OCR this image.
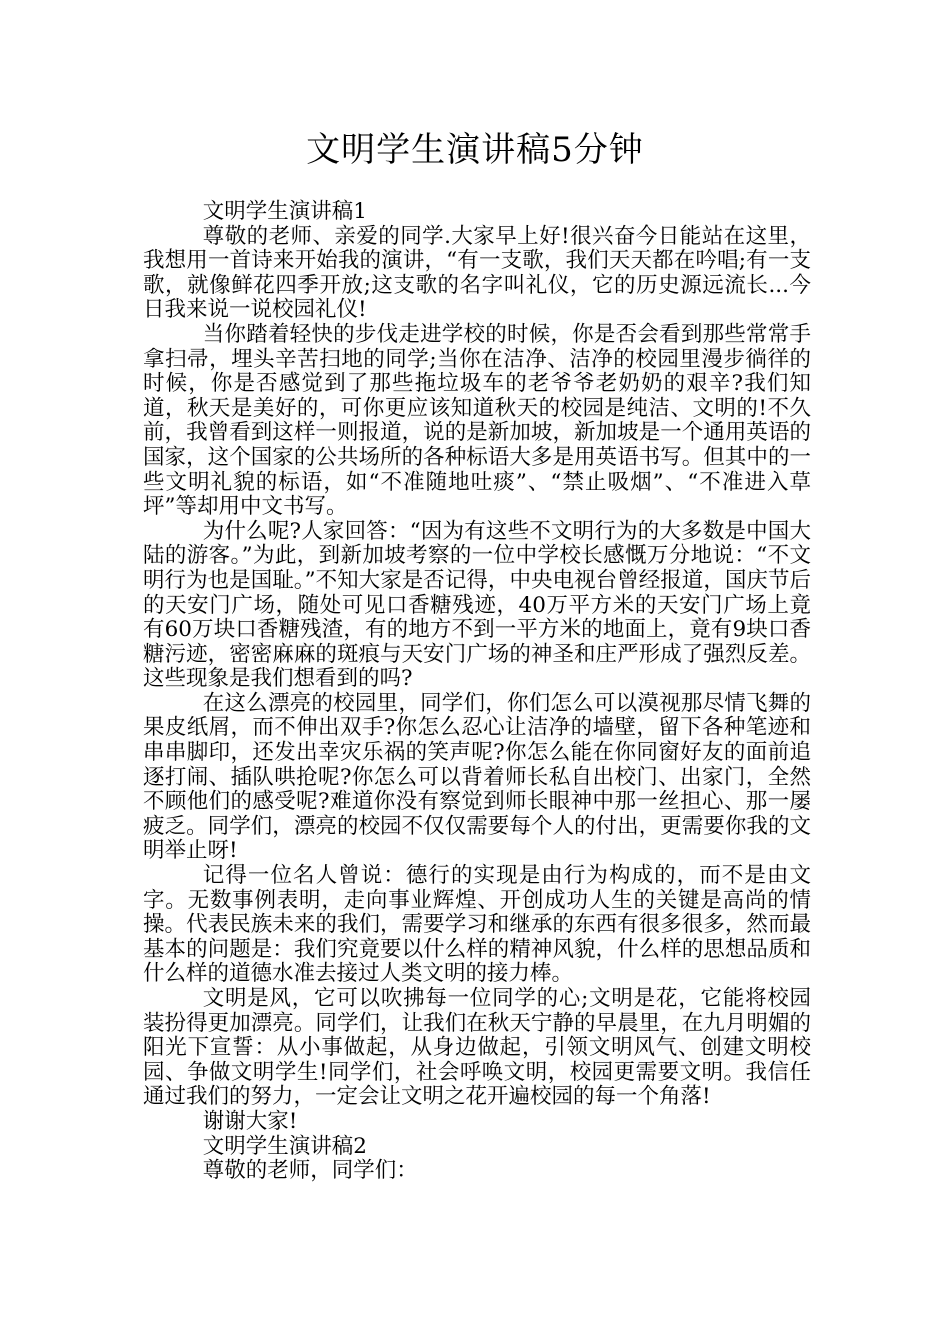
文明学生演讲稿5分钟

文明学生演讲稿1

尊敬的老师、亲爱的同学.大家早上好!很兴奋今日能站在这里，我想用一首诗来开始我的演讲，“有一支歌，我们天天都在吟唱;有一支歌，就像鲜花四季开放;这支歌的名字叫礼仪，它的历史源远流长...今日我来说一说校园礼仪!

当你踏着轻快的步伐走进学校的时候，你是否会看到那些常常手拿扫帚，埋头辛苦扫地的同学;当你在洁净、洁净的校园里漫步徜徉的时候，你是否感觉到了那些拖垃圾车的老爷爷老奶奶的艰辛?我们知道，秋天是美好的，可你更应该知道秋天的校园是纯洁、文明的!不久前，我曾看到这样一则报道，说的是新加坡，新加坡是一个通用英语的国家，这个国家的公共场所的各种标语大多是用英语书写。但其中的一些文明礼貌的标语，如“不准随地吐痰”、“禁止吸烟”、“不准进入草坪”等却用中文书写。

为什么呢?人家回答：“因为有这些不文明行为的大多数是中国大陆的游客。”为此，到新加坡考察的一位中学校长感慨万分地说：“不文明行为也是国耻。”不知大家是否记得，中央电视台曾经报道，国庆节后的天安门广场，随处可见口香糖残迹，40万平方米的天安门广场上竟有60万块口香糖残渣，有的地方不到一平方米的地面上，竟有9块口香糖污迹，密密麻麻的斑痕与天安门广场的神圣和庄严形成了强烈反差。这些现象是我们想看到的吗?

在这么漂亮的校园里，同学们，你们怎么可以漠视那尽情飞舞的果皮纸屑，而不伸出双手?你怎么忍心让洁净的墙壁，留下各种笔迹和串串脚印，还发出幸灾乐祸的笑声呢?你怎么能在你同窗好友的面前追逐打闹、插队哄抢呢?你怎么可以背着师长私自出校门、出家门，全然不顾他们的感受呢?难道你没有察觉到师长眼神中那一丝担心、那一屡疲乏。同学们，漂亮的校园不仅仅需要每个人的付出，更需要你我的文明举止呀!

记得一位名人曾说：德行的实现是由行为构成的，而不是由文字。无数事例表明，走向事业辉煌、开创成功人生的关键是高尚的情操。代表民族未来的我们，需要学习和继承的东西有很多很多，然而最基本的问题是：我们究竟要以什么样的精神风貌，什么样的思想品质和什么样的道德水准去接过人类文明的接力棒。

文明是风，它可以吹拂每一位同学的心;文明是花，它能将校园装扮得更加漂亮。同学们，让我们在秋天宁静的早晨里，在九月明媚的阳光下宣誓：从小事做起，从身边做起，引领文明风气、创建文明校园、争做文明学生!同学们，社会呼唤文明，校园更需要文明。我信任通过我们的努力，一定会让文明之花开遍校园的每一个角落!

谢谢大家!

文明学生演讲稿2

尊敬的老师，同学们：
